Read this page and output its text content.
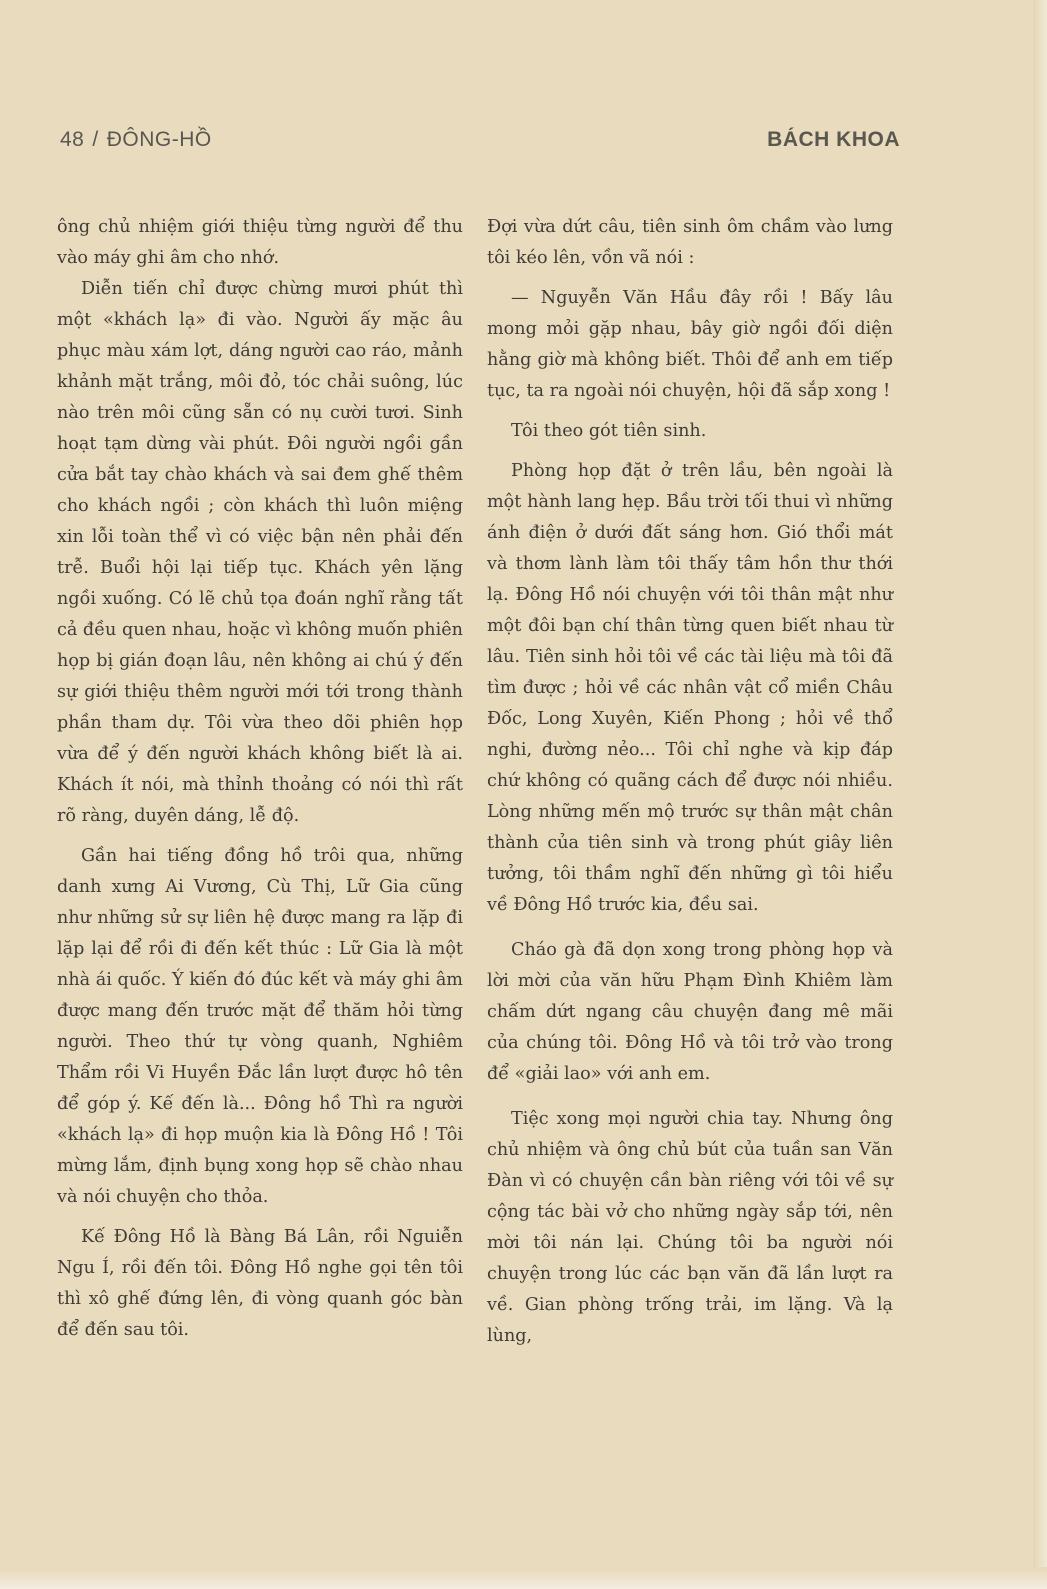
48 / ĐÔNG-HỒ	BÁCH KHOA

ông chủ nhiệm giới thiệu từng người để thu vào máy ghi âm cho nhớ.

Diễn tiến chỉ được chừng mươi phút thì một «khách lạ» đi vào. Người ấy mặc âu phục màu xám lợt, dáng người cao ráo, mảnh khảnh mặt trắng, môi đỏ, tóc chải suông, lúc nào trên môi cũng sẵn có nụ cười tươi. Sinh hoạt tạm dừng vài phút. Đôi người ngồi gần cửa bắt tay chào khách và sai đem ghế thêm cho khách ngồi ; còn khách thì luôn miệng xin lỗi toàn thể vì có việc bận nên phải đến trễ. Buổi hội lại tiếp tục. Khách yên lặng ngồi xuống. Có lẽ chủ tọa đoán nghĩ rằng tất cả đều quen nhau, hoặc vì không muốn phiên họp bị gián đoạn lâu, nên không ai chú ý đến sự giới thiệu thêm người mới tới trong thành phần tham dự. Tôi vừa theo dõi phiên họp vừa để ý đến người khách không biết là ai. Khách ít nói, mà thỉnh thoảng có nói thì rất rõ ràng, duyên dáng, lễ độ.

Gần hai tiếng đồng hồ trôi qua, những danh xưng Ai Vương, Cù Thị, Lữ Gia cũng như những sử sự liên hệ được mang ra lặp đi lặp lại để rồi đi đến kết thúc : Lữ Gia là một nhà ái quốc. Ý kiến đó đúc kết và máy ghi âm được mang đến trước mặt để thăm hỏi từng người. Theo thứ tự vòng quanh, Nghiêm Thẩm rồi Vi Huyền Đắc lần lượt được hô tên để góp ý. Kế đến là... Đông hồ Thì ra người «khách lạ» đi họp muộn kia là Đông Hồ ! Tôi mừng lắm, định bụng xong họp sẽ chào nhau và nói chuyện cho thỏa.

Kế Đông Hồ là Bàng Bá Lân, rồi Nguiễn Ngu Í, rồi đến tôi. Đông Hồ nghe gọi tên tôi thì xô ghế đứng lên, đi vòng quanh góc bàn để đến sau tôi.

Đợi vừa dứt câu, tiên sinh ôm chầm vào lưng tôi kéo lên, vồn vã nói :

— Nguyễn Văn Hầu đây rồi ! Bấy lâu mong mỏi gặp nhau, bây giờ ngồi đối diện hằng giờ mà không biết. Thôi để anh em tiếp tục, ta ra ngoài nói chuyện, hội đã sắp xong !

Tôi theo gót tiên sinh.

Phòng họp đặt ở trên lầu, bên ngoài là một hành lang hẹp. Bầu trời tối thui vì những ánh điện ở dưới đất sáng hơn. Gió thổi mát và thơm lành làm tôi thấy tâm hồn thư thới lạ. Đông Hồ nói chuyện với tôi thân mật như một đôi bạn chí thân từng quen biết nhau từ lâu. Tiên sinh hỏi tôi về các tài liệu mà tôi đã tìm được ; hỏi về các nhân vật cổ miền Châu Đốc, Long Xuyên, Kiến Phong ; hỏi về thổ nghi, đường nẻo... Tôi chỉ nghe và kịp đáp chứ không có quãng cách để được nói nhiều. Lòng những mến mộ trước sự thân mật chân thành của tiên sinh và trong phút giây liên tưởng, tôi thầm nghĩ đến những gì tôi hiểu về Đông Hồ trước kia, đều sai.

Cháo gà đã dọn xong trong phòng họp và lời mời của văn hữu Phạm Đình Khiêm làm chấm dứt ngang câu chuyện đang mê mãi của chúng tôi. Đông Hồ và tôi trở vào trong để «giải lao» với anh em.

Tiệc xong mọi người chia tay. Nhưng ông chủ nhiệm và ông chủ bút của tuần san Văn Đàn vì có chuyện cần bàn riêng với tôi về sự cộng tác bài vở cho những ngày sắp tới, nên mời tôi nán lại. Chúng tôi ba người nói chuyện trong lúc các bạn văn đã lần lượt ra về. Gian phòng trống trải, im lặng. Và lạ lùng,
